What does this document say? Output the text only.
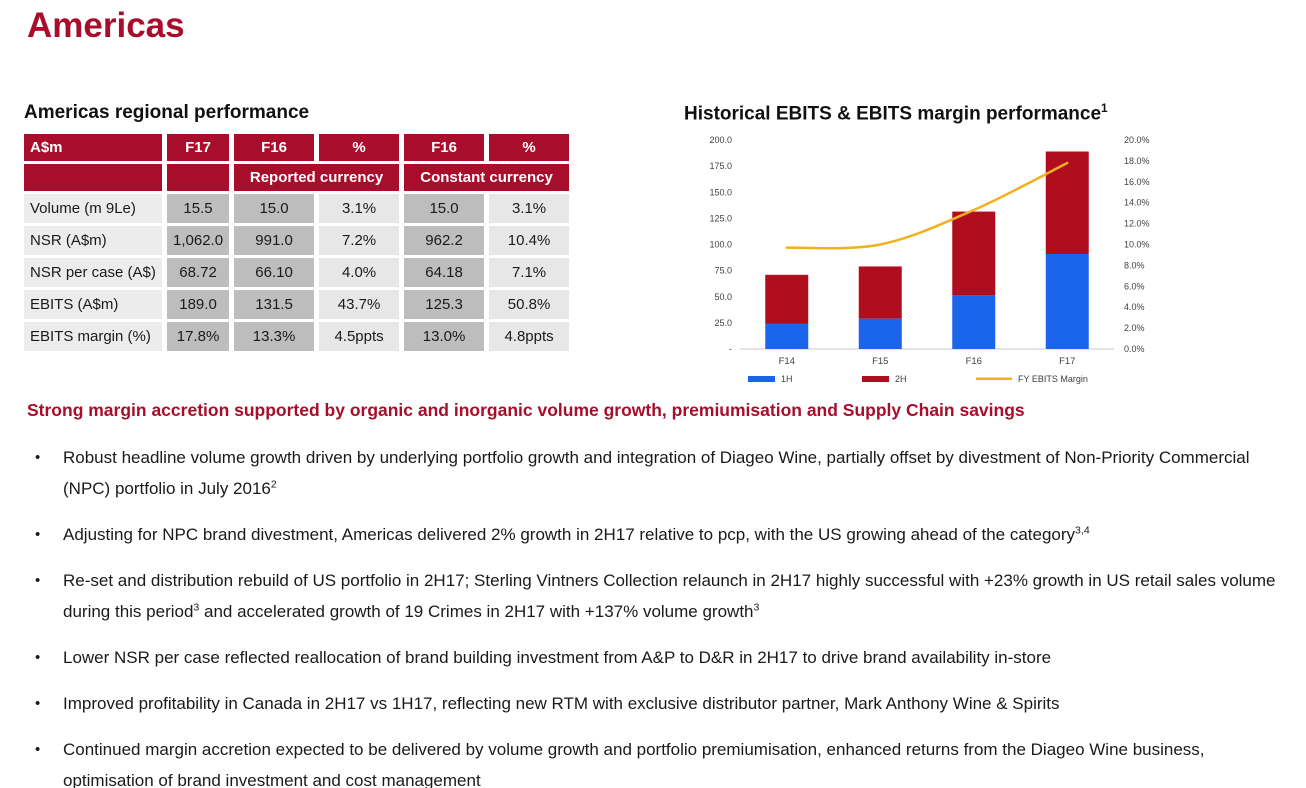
Americas
Americas regional performance
A$m	F17	F16	%	F16	%
		Reported currency		Constant currency	
Volume (m 9Le)	15.5	15.0	3.1%	15.0	3.1%
NSR (A$m)	1,062.0	991.0	7.2%	962.2	10.4%
NSR per case (A$)	68.72	66.10	4.0%	64.18	7.1%
EBITS (A$m)	189.0	131.5	43.7%	125.3	50.8%
EBITS margin (%)	17.8%	13.3%	4.5ppts	13.0%	4.8ppts
Historical EBITS & EBITS margin performance$^1$
200.0
175.0
150.0
125.0
100.0
75.0
50.0
25.0
-
20.0%
18.0%
16.0%
14.0%
12.0%
10.0%
8.0%
6.0%
4.0%
2.0%
0.0%
F14	F15	F16	F17
1H	2H	FY EBITS Margin

Strong margin accretion supported by organic and inorganic volume growth, premiumisation and Supply Chain savings

• Robust headline volume growth driven by underlying portfolio growth and integration of Diageo Wine, partially offset by divestment of Non-Priority Commercial (NPC) portfolio in July 2016$^2$
• Adjusting for NPC brand divestment, Americas delivered 2% growth in 2H17 relative to pcp, with the US growing ahead of the category$^{3,4}$
• Re-set and distribution rebuild of US portfolio in 2H17; Sterling Vintners Collection relaunch in 2H17 highly successful with +23% growth in US retail sales volume during this period$^3$ and accelerated growth of 19 Crimes in 2H17 with +137% volume growth$^3$
• Lower NSR per case reflected reallocation of brand building investment from A&P to D&R in 2H17 to drive brand availability in-store
• Improved profitability in Canada in 2H17 vs 1H17, reflecting new RTM with exclusive distributor partner, Mark Anthony Wine & Spirits
• Continued margin accretion expected to be delivered by volume growth and portfolio premiumisation, enhanced returns from the Diageo Wine business, optimisation of brand investment and cost management
